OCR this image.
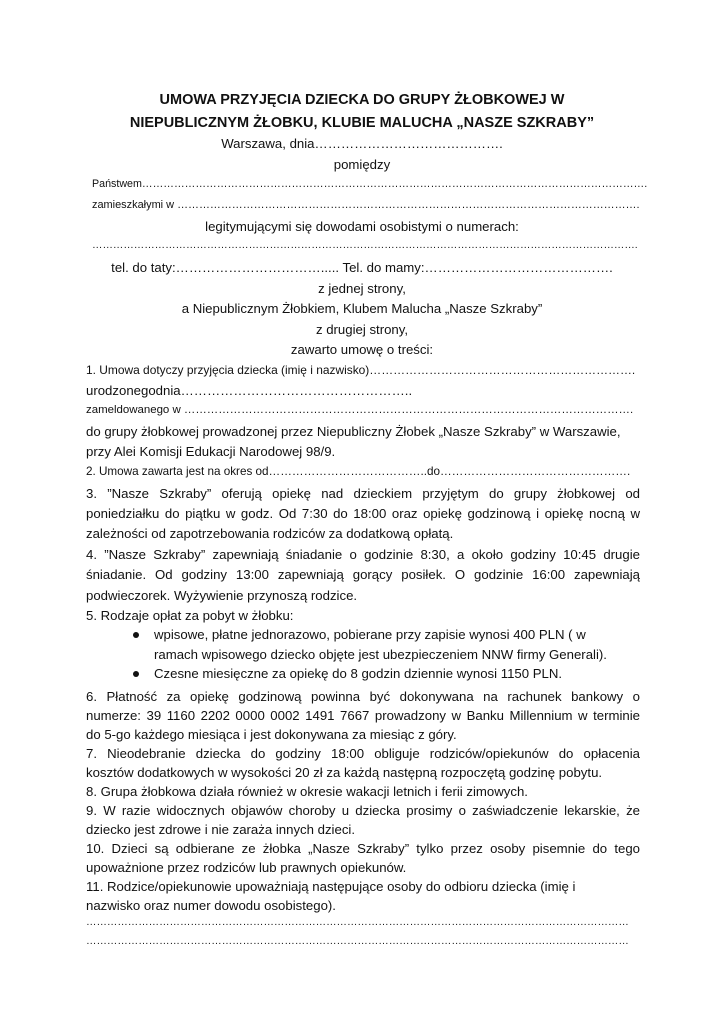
UMOWA PRZYJĘCIA DZIECKA DO GRUPY ŻŁOBKOWEJ W
NIEPUBLICZNYM ŻŁOBKU, KLUBIE MALUCHA „NASZE SZKRABY”
Warszawa, dnia…………………………………….
pomiędzy
Państwem…………………………………………………………………………………………………………………………….
zamieszkałymi w ……………………………………………………………………………………………………………….
legitymującymi się dowodami osobistymi o numerach:
………………………………………………………………………………………………………………………………………….
tel. do taty:……………………………..... Tel. do mamy:…………………………………….
z jednej strony,
a Niepublicznym Żłobkiem, Klubem Malucha „Nasze Szkraby”
z drugiej strony,
zawarto umowę o treści:
1. Umowa dotyczy przyjęcia dziecka (imię i nazwisko)………………………………………………………….
urodzonegodnia……………………………………………..
zameldowanego w ……………………………………………………………………………………………………….
do grupy żłobkowej prowadzonej przez Niepubliczny Żłobek „Nasze Szkraby” w Warszawie,
przy Alei Komisji Edukacji Narodowej 98/9.
2. Umowa zawarta jest na okres od…………………………………..do………………………………………….
3. ”Nasze Szkraby” oferują opiekę nad dzieckiem przyjętym do grupy żłobkowej od
poniedziałku do piątku w godz. Od 7:30 do 18:00 oraz opiekę godzinową i opiekę nocną w
zależności od zapotrzebowania rodziców za dodatkową opłatą.
4. ”Nasze Szkraby” zapewniają śniadanie o godzinie 8:30, a około godziny 10:45 drugie
śniadanie. Od godziny 13:00 zapewniają gorący posiłek. O godzinie 16:00 zapewniają
podwieczorek. Wyżywienie przynoszą rodzice.
5. Rodzaje opłat za pobyt w żłobku:
wpisowe, płatne jednorazowo, pobierane przy zapisie wynosi 400 PLN ( w
ramach wpisowego dziecko objęte jest ubezpieczeniem NNW firmy Generali).
Czesne miesięczne za opiekę do 8 godzin dziennie wynosi 1150 PLN.
6. Płatność za opiekę godzinową powinna być dokonywana na rachunek bankowy o
numerze: 39 1160 2202 0000 0002 1491 7667 prowadzony w Banku Millennium w terminie
do 5-go każdego miesiąca i jest dokonywana za miesiąc z góry.
7. Nieodebranie dziecka do godziny 18:00 obliguje rodziców/opiekunów do opłacenia
kosztów dodatkowych w wysokości 20 zł za każdą następną rozpoczętą godzinę pobytu.
8. Grupa żłobkowa działa również w okresie wakacji letnich i ferii zimowych.
9. W razie widocznych objawów choroby u dziecka prosimy o zaświadczenie lekarskie, że
dziecko jest zdrowe i nie zaraża innych dzieci.
10. Dzieci są odbierane ze żłobka „Nasze Szkraby” tylko przez osoby pisemnie do tego
upoważnione przez rodziców lub prawnych opiekunów.
11. Rodzice/opiekunowie upoważniają następujące osoby do odbioru dziecka (imię i
nazwisko oraz numer dowodu osobistego).
…………………………………………………………………………………………………………………………………………
…………………………………………………………………………………………………………………………………………
